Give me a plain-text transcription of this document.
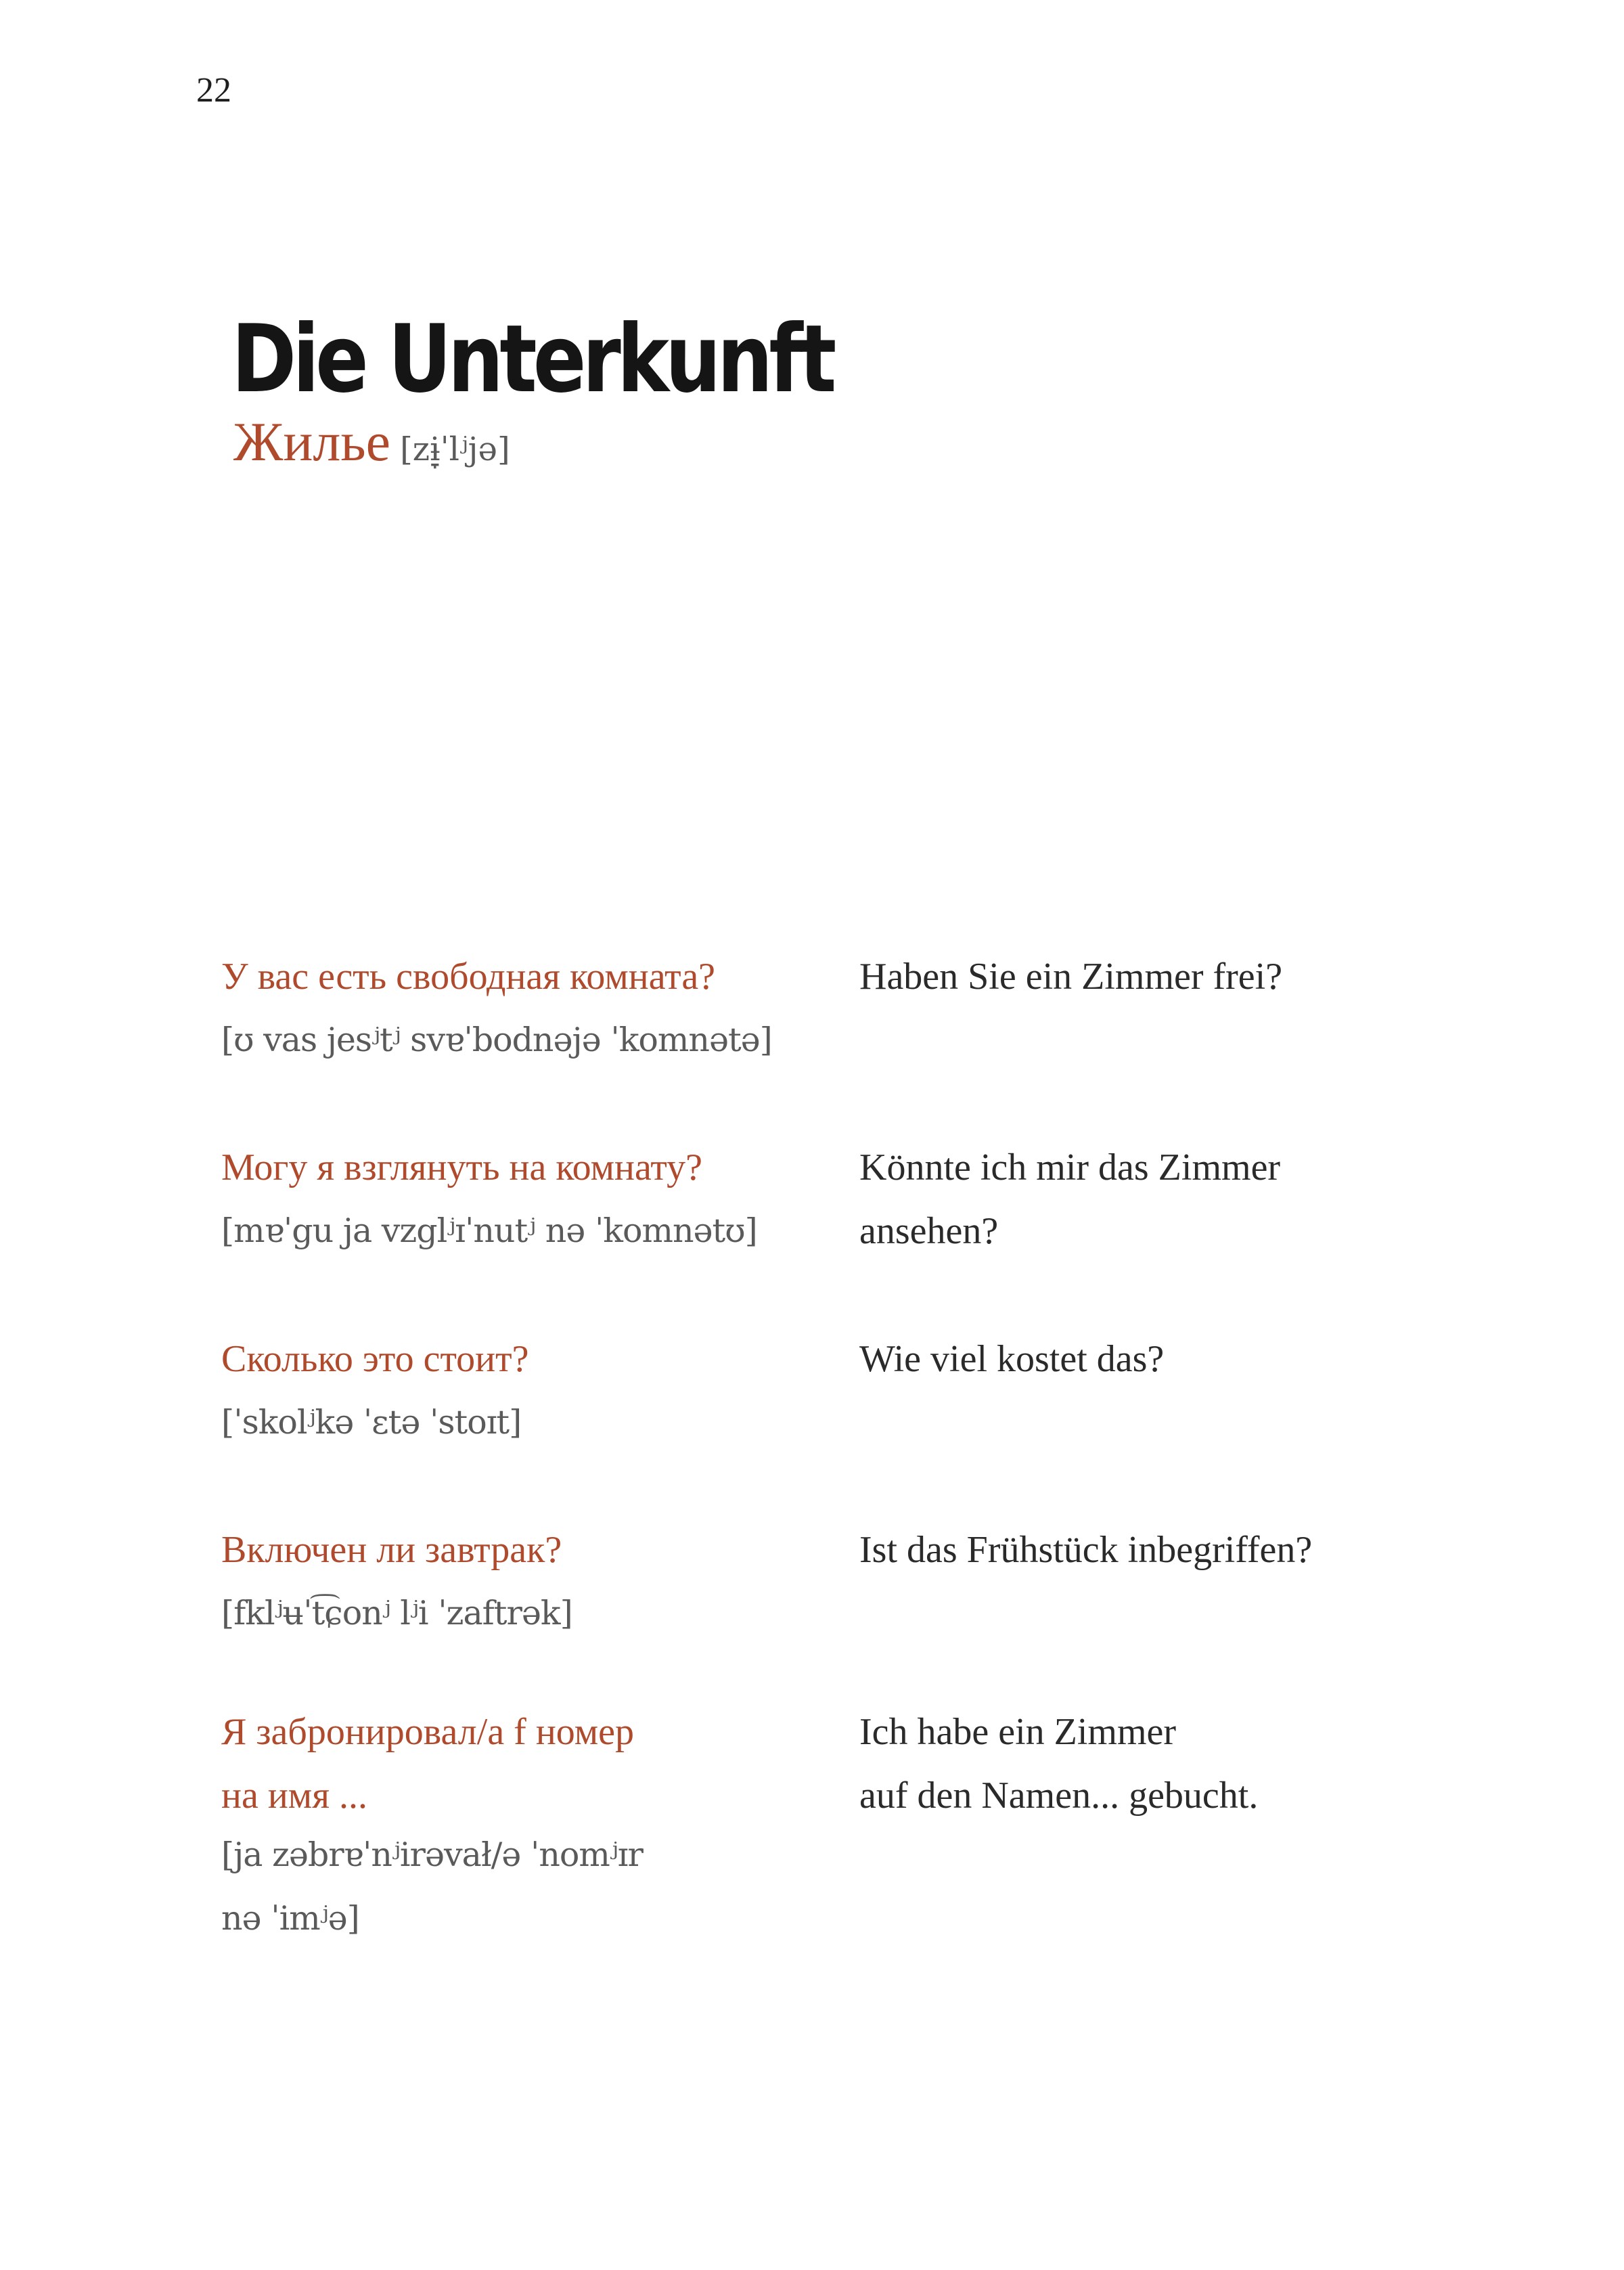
22
Die Unterkunft
Жилье [zɨ̞ˈlʲjə]
У вас есть свободная комната?
[ʊ vas jesʲtʲ svɐˈbodnəjə ˈkomnətə]
Haben Sie ein Zimmer frei?
Могу я взглянуть на комнату?
[mɐˈgu ja vzglʲɪˈnutʲ nə ˈkomnətʊ]
Könnte ich mir das Zimmer
ansehen?
Сколько это стоит?
[ˈskolʲkə ˈɛtə ˈstoɪt]
Wie viel kostet das?
Включен ли завтрак?
[fklʲʉˈt͡ɕonʲ lʲi ˈzaftrək]
Ist das Frühstück inbegriffen?
Я забронировал/а f номер
на имя ...
[ja zəbrɐˈnʲirəvał/ə ˈnomʲɪr
nə ˈimʲə]
Ich habe ein Zimmer
auf den Namen... gebucht.
